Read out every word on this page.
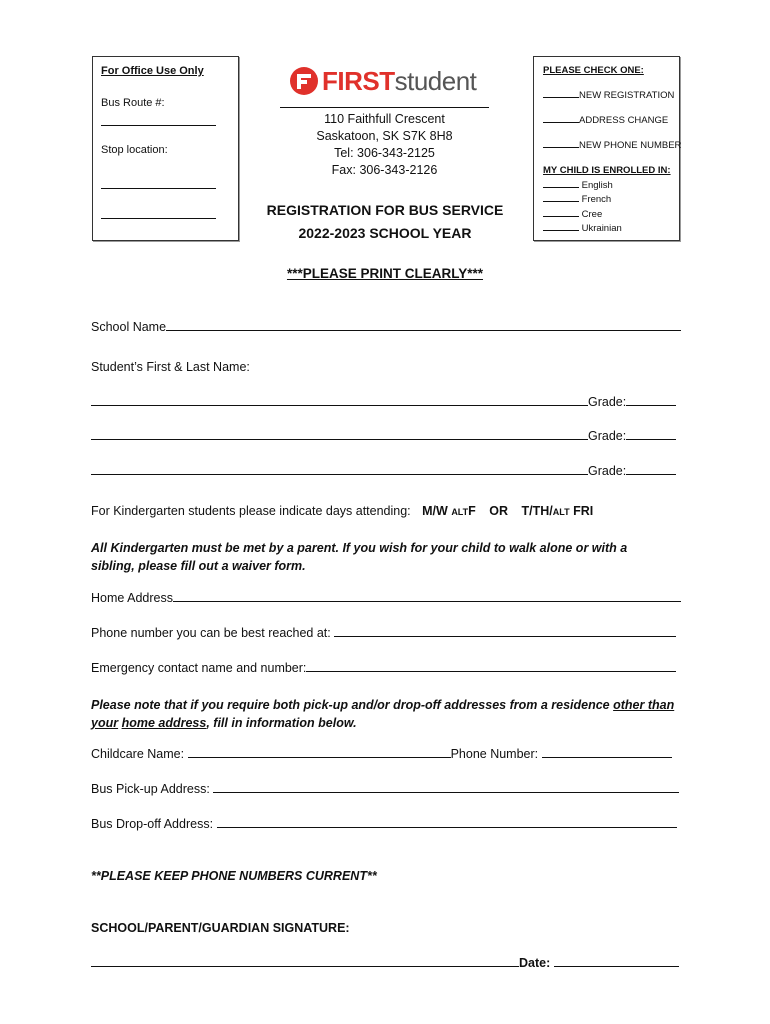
For Office Use Only
Bus Route #:
Stop location:
FIRSTstudent
110 Faithfull Crescent
Saskatoon, SK S7K 8H8
Tel: 306-343-2125
Fax: 306-343-2126
REGISTRATION FOR BUS SERVICE
2022-2023 SCHOOL YEAR
PLEASE CHECK ONE:
NEW REGISTRATION
ADDRESS CHANGE
NEW PHONE NUMBER
MY CHILD IS ENROLLED IN:
English
French
Cree
Ukrainian
***PLEASE PRINT CLEARLY***
School Name
Student’s First & Last Name:
Grade:
Grade:
Grade:
For Kindergarten students please indicate days attending: M/W ALTF OR T/TH/ALT FRI
All Kindergarten must be met by a parent. If you wish for your child to walk alone or with a sibling, please fill out a waiver form.
Home Address
Phone number you can be best reached at:
Emergency contact name and number:
Please note that if you require both pick-up and/or drop-off addresses from a residence other than your home address, fill in information below.
Childcare Name:	Phone Number:
Bus Pick-up Address:
Bus Drop-off Address:
**PLEASE KEEP PHONE NUMBERS CURRENT**
SCHOOL/PARENT/GUARDIAN SIGNATURE:
Date:
